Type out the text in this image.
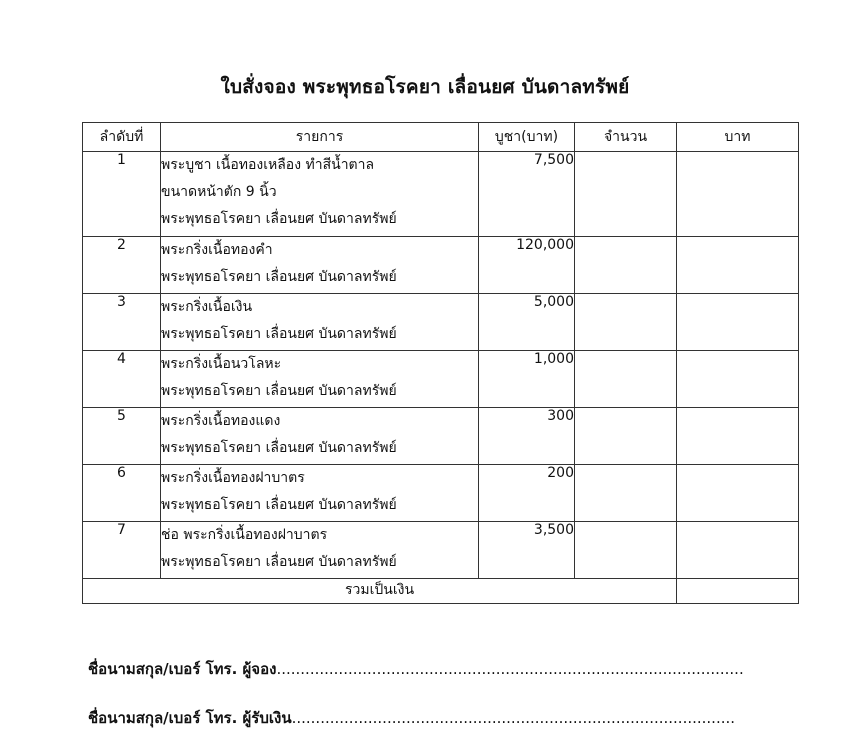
ใบสั่งจอง พระพุทธอโรคยา เลื่อนยศ บันดาลทรัพย์
ลำดับที่	รายการ	บูชา(บาท)	จำนวน	บาท
1	พระบูชา เนื้อทองเหลือง ทำสีน้ำตาล
ขนาดหน้าตัก 9 นิ้ว
พระพุทธอโรคยา เลื่อนยศ บันดาลทรัพย์	7,500		
2	พระกริ่งเนื้อทองคำ
พระพุทธอโรคยา เลื่อนยศ บันดาลทรัพย์	120,000		
3	พระกริ่งเนื้อเงิน
พระพุทธอโรคยา เลื่อนยศ บันดาลทรัพย์	5,000		
4	พระกริ่งเนื้อนวโลหะ
พระพุทธอโรคยา เลื่อนยศ บันดาลทรัพย์	1,000		
5	พระกริ่งเนื้อทองแดง
พระพุทธอโรคยา เลื่อนยศ บันดาลทรัพย์	300		
6	พระกริ่งเนื้อทองฝาบาตร
พระพุทธอโรคยา เลื่อนยศ บันดาลทรัพย์	200		
7	ช่อ พระกริ่งเนื้อทองฝาบาตร
พระพุทธอโรคยา เลื่อนยศ บันดาลทรัพย์	3,500		
รวมเป็นเงิน				
ชื่อนามสกุล/เบอร์ โทร. ผู้จอง..................................................................................................
ชื่อนามสกุล/เบอร์ โทร. ผู้รับเงิน.............................................................................................
